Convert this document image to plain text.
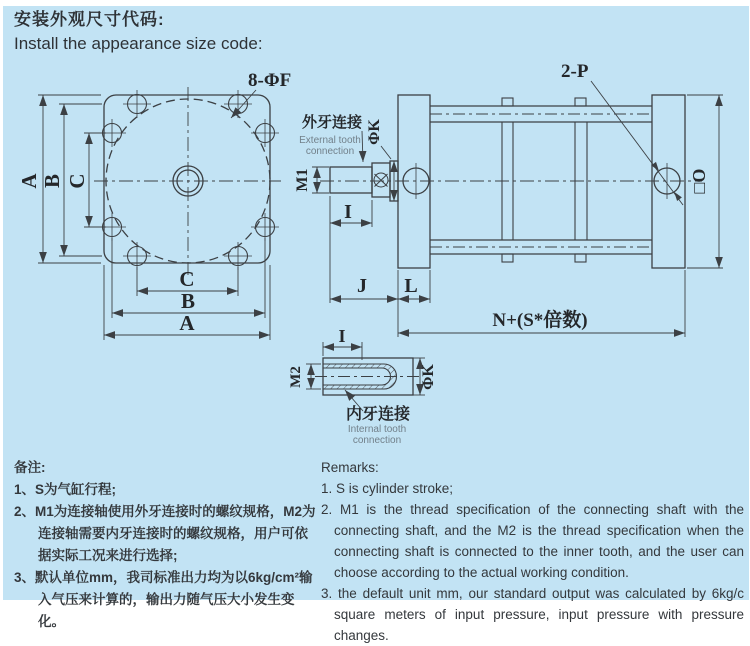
安装外观尺寸代码:
Install the appearance size code:
A B C
C
B
A
8-ΦF	2-P
外牙连接
External tooth
connection
M1
ΦK
I
J L
N+(S*倍数)
□O
I
M2	ΦK
内牙连接
Internal tooth
connection
备注:
1、S为气缸行程;
2、M1为连接轴使用外牙连接时的螺纹规格，M2为连接轴需要内牙连接时的螺纹规格，用户可依据实际工况来进行选择;
3、默认单位mm，我司标准出力均为以6kg/cm²输入气压来计算的，输出力随气压大小发生变化。
Remarks:
1. S is cylinder stroke;
2. M1 is the thread specification of the connecting shaft with the connecting shaft, and the M2 is the thread specification when the connecting shaft is connected to the inner tooth, and the user can choose according to the actual working condition.
3. the default unit mm, our standard output was calculated by 6kg/c square meters of input pressure, input pressure with pressure changes.
